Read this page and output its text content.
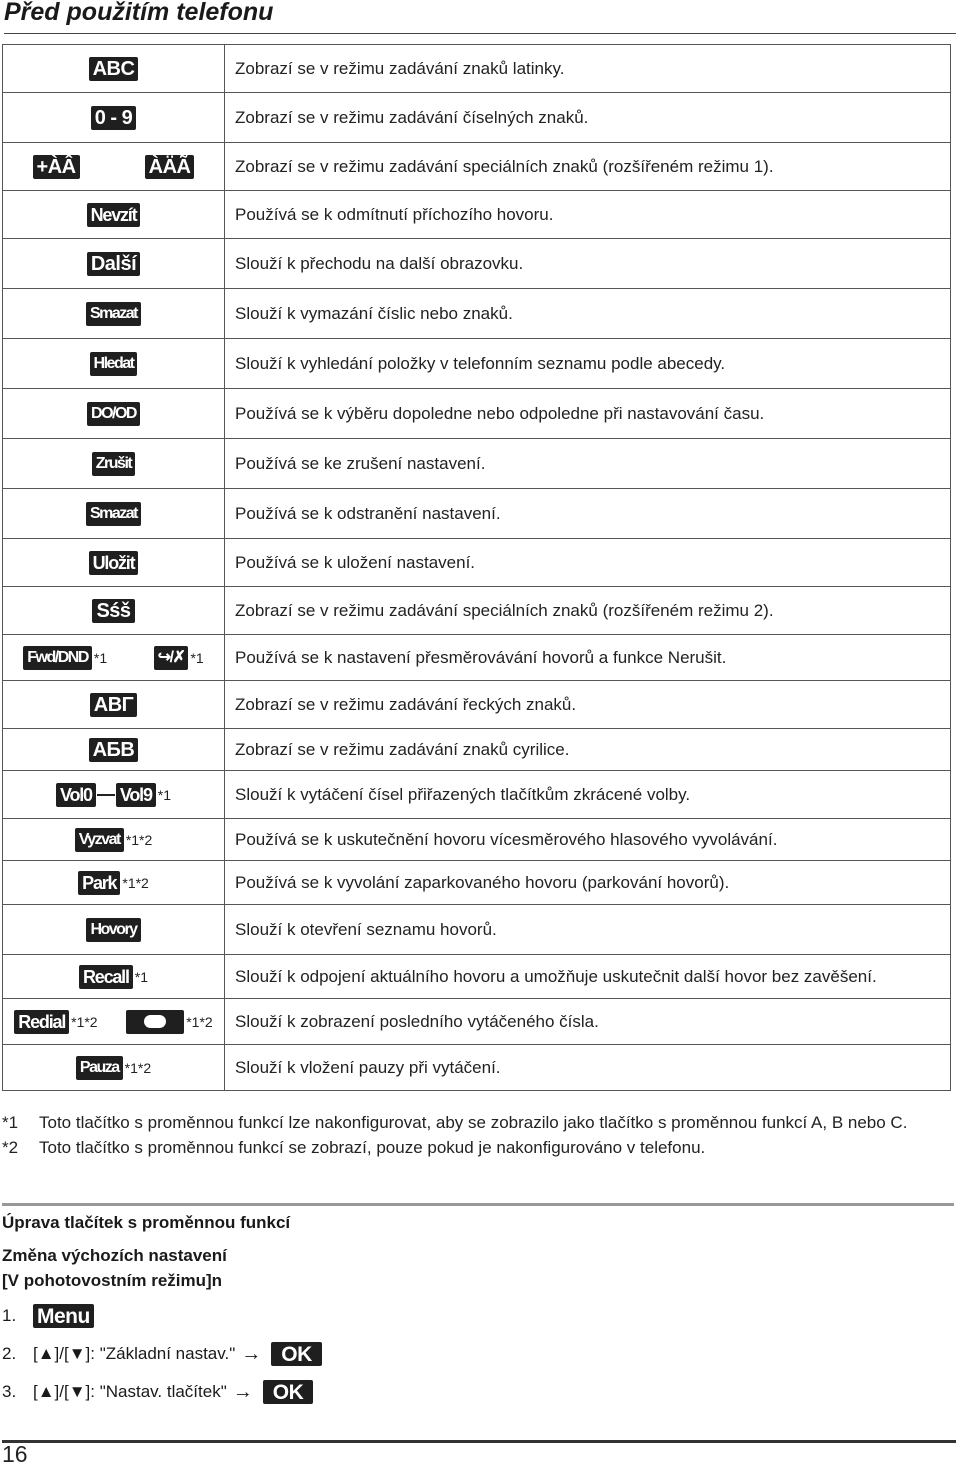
Před použitím telefonu
ABC	Zobrazí se v režimu zadávání znaků latinky.

0 - 9	Zobrazí se v režimu zadávání číselných znaků.

+ÀÂ ÀÄÃ	Zobrazí se v režimu zadávání speciálních znaků (rozšířeném režimu 1).

Nevzít	Používá se k odmítnutí příchozího hovoru.

Další	Slouží k přechodu na další obrazovku.

Smazat	Slouží k vymazání číslic nebo znaků.

Hledat	Slouží k vyhledání položky v telefonním seznamu podle abecedy.

DO/OD	Používá se k výběru dopoledne nebo odpoledne při nastavování času.

Zrušit	Používá se ke zrušení nastavení.

Smazat	Používá se k odstranění nastavení.

Uložit	Používá se k uložení nastavení.

Sśš	Zobrazí se v režimu zadávání speciálních znaků (rozšířeném režimu 2).

Fwd/DND *1 ↪︎/✗ *1	Používá se k nastavení přesměrovávání hovorů a funkce Nerušit.

ΑΒΓ	Zobrazí se v režimu zadávání řeckých znaků.

АБВ	Zobrazí se v režimu zadávání znaků cyrilice.

Vol0 Vol9 *1	Slouží k vytáčení čísel přiřazených tlačítkům zkrácené volby.

Vyzvat *1*2	Používá se k uskutečnění hovoru vícesměrového hlasového vyvolávání.

Park *1*2	Používá se k vyvolání zaparkovaného hovoru (parkování hovorů).

Hovory	Slouží k otevření seznamu hovorů.

Recall *1	Slouží k odpojení aktuálního hovoru a umožňuje uskutečnit další hovor bez zavěšení.

Redial *1*2 *1*2	Slouží k zobrazení posledního vytáčeného čísla.

Pauza *1*2	Slouží k vložení pauzy při vytáčení.
*1	Toto tlačítko s proměnnou funkcí lze nakonfigurovat, aby se zobrazilo jako tlačítko s proměnnou funkcí A, B nebo C.
*2	Toto tlačítko s proměnnou funkcí se zobrazí, pouze pokud je nakonfigurováno v telefonu.

Úprava tlačítek s proměnnou funkcí

Změna výchozích nastavení
[V pohotovostním režimu]n

1. Menu
2. [▲]/[▼]: "Základní nastav." → OK
3. [▲]/[▼]: "Nastav. tlačítek" → OK
16
